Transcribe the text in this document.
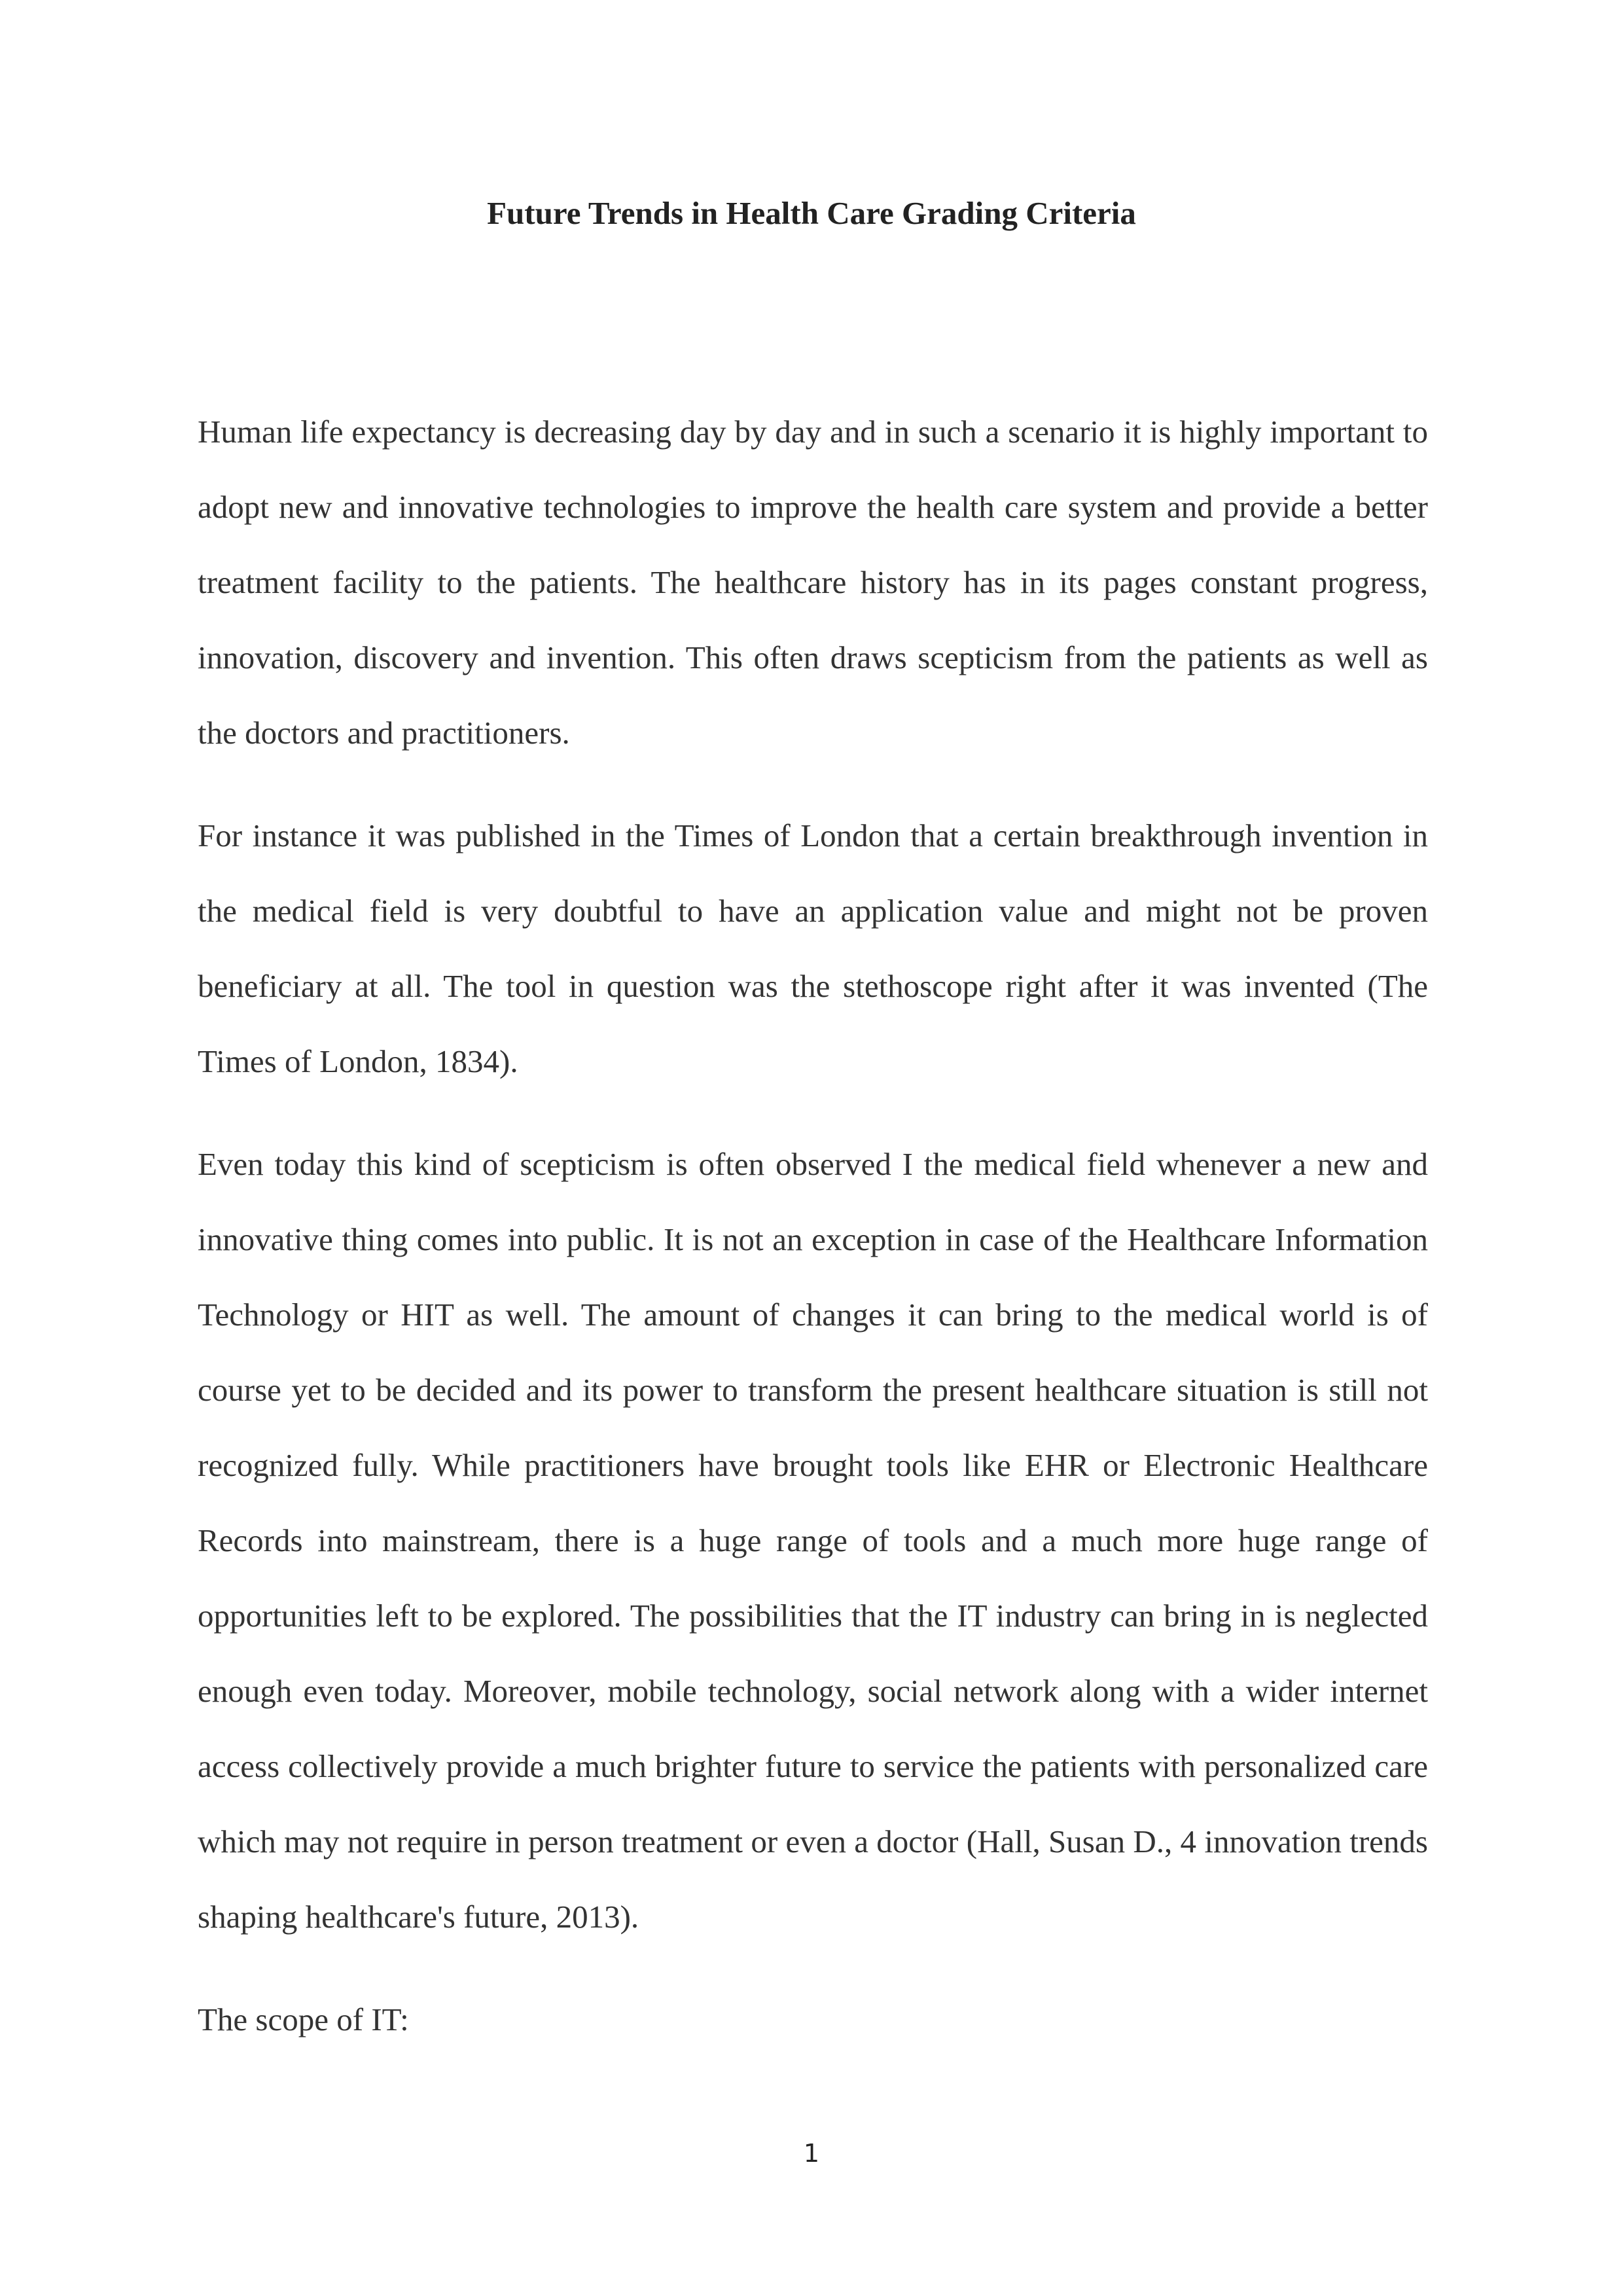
Future Trends in Health Care Grading Criteria

Human life expectancy is decreasing day by day and in such a scenario it is highly important to adopt new and innovative technologies to improve the health care system and provide a better treatment facility to the patients. The healthcare history has in its pages constant progress, innovation, discovery and invention. This often draws scepticism from the patients as well as the doctors and practitioners.

For instance it was published in the Times of London that a certain breakthrough invention in the medical field is very doubtful to have an application value and might not be proven beneficiary at all. The tool in question was the stethoscope right after it was invented (The Times of London, 1834).

Even today this kind of scepticism is often observed I the medical field whenever a new and innovative thing comes into public. It is not an exception in case of the Healthcare Information Technology or HIT as well. The amount of changes it can bring to the medical world is of course yet to be decided and its power to transform the present healthcare situation is still not recognized fully. While practitioners have brought tools like EHR or Electronic Healthcare Records into mainstream, there is a huge range of tools and a much more huge range of opportunities left to be explored. The possibilities that the IT industry can bring in is neglected enough even today. Moreover, mobile technology, social network along with a wider internet access collectively provide a much brighter future to service the patients with personalized care which may not require in person treatment or even a doctor (Hall, Susan D., 4 innovation trends shaping healthcare's future, 2013).

The scope of IT:

1
